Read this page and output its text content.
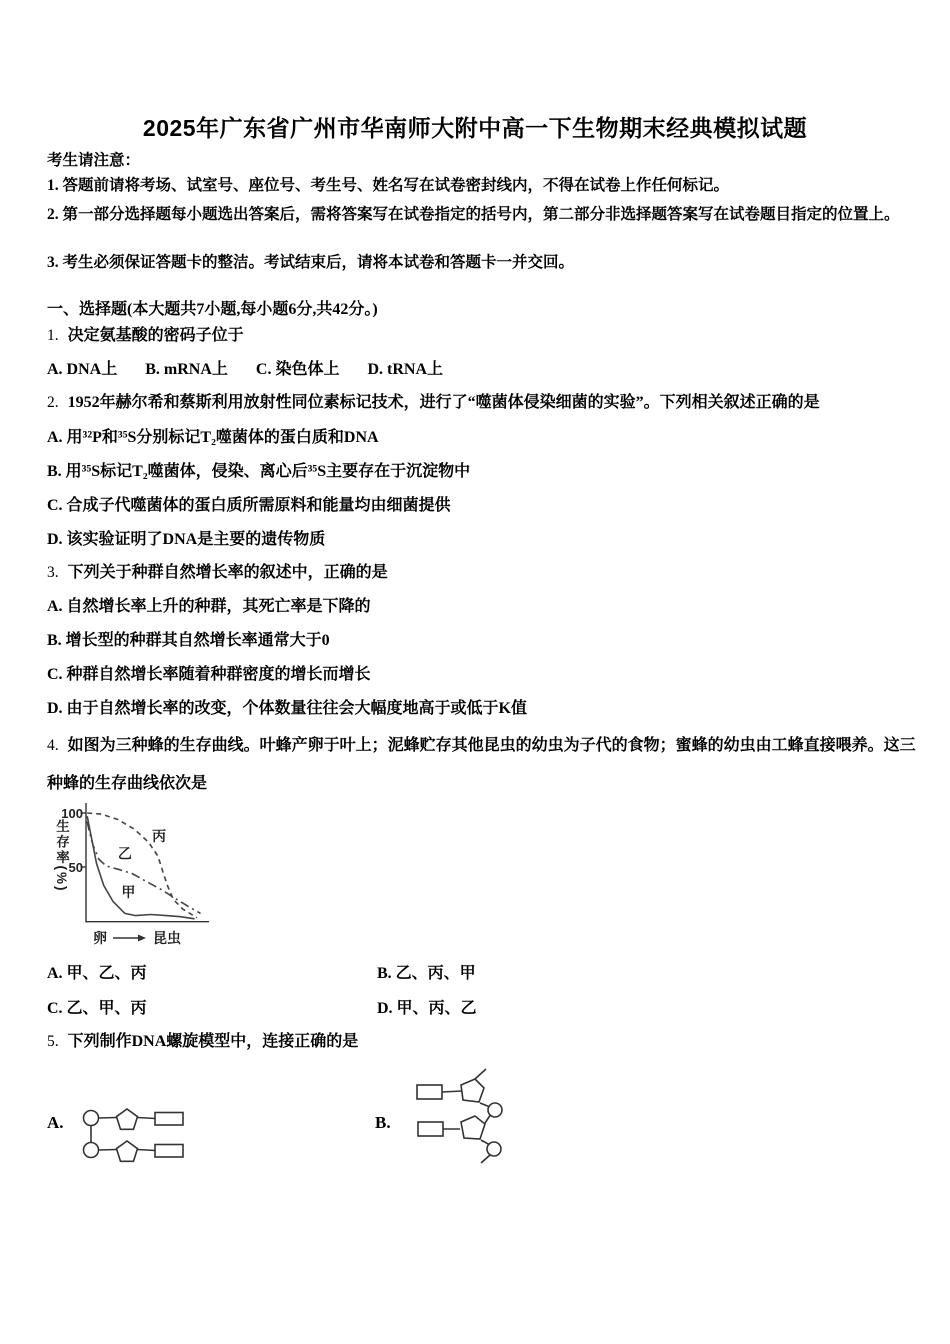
2025年广东省广州市华南师大附中高一下生物期末经典模拟试题
考生请注意：
1. 答题前请将考场、试室号、座位号、考生号、姓名写在试卷密封线内，不得在试卷上作任何标记。
2. 第一部分选择题每小题选出答案后，需将答案写在试卷指定的括号内，第二部分非选择题答案写在试卷题目指定的位置上。
3. 考生必须保证答题卡的整洁。考试结束后，请将本试卷和答题卡一并交回。
一、选择题(本大题共7小题,每小题6分,共42分。)
1. 决定氨基酸的密码子位于
A. DNA上 B. mRNA上 C. 染色体上 D. tRNA上
2. 1952年赫尔希和蔡斯利用放射性同位素标记技术，进行了“噬菌体侵染细菌的实验”。下列相关叙述正确的是
A. 用³²P和³⁵S分别标记T₂噬菌体的蛋白质和DNA
B. 用³⁵S标记T₂噬菌体，侵染、离心后³⁵S主要存在于沉淀物中
C. 合成子代噬菌体的蛋白质所需原料和能量均由细菌提供
D. 该实验证明了DNA是主要的遗传物质
3. 下列关于种群自然增长率的叙述中，正确的是
A. 自然增长率上升的种群，其死亡率是下降的
B. 增长型的种群其自然增长率通常大于0
C. 种群自然增长率随着种群密度的增长而增长
D. 由于自然增长率的改变，个体数量往往会大幅度地高于或低于K值
4. 如图为三种蜂的生存曲线。叶蜂产卵于叶上；泥蜂贮存其他昆虫的幼虫为子代的食物；蜜蜂的幼虫由工蜂直接喂养。这三种蜂的生存曲线依次是
生存率(%)
100
50
甲
乙
丙
卵	昆虫
A. 甲、乙、丙	B. 乙、丙、甲
C. 乙、甲、丙	D. 甲、丙、乙
5. 下列制作DNA螺旋模型中，连接正确的是
A.	B.
